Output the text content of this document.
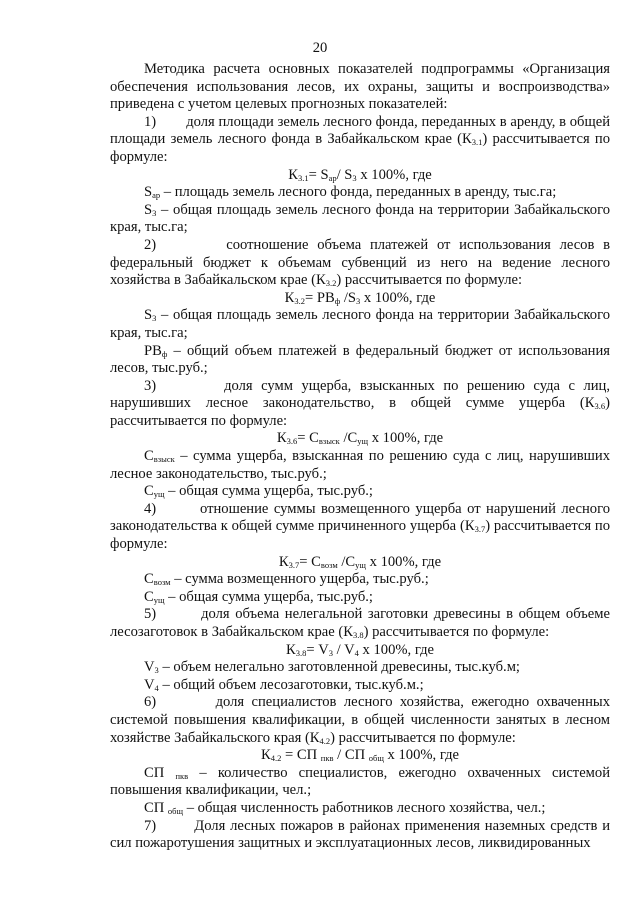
20

Методика расчета основных показателей подпрограммы «Организация обеспечения использования лесов, их охраны, защиты и воспроизводства» приведена с учетом целевых прогнозных показателей:

1) доля площади земель лесного фонда, переданных в аренду, в общей площади земель лесного фонда в Забайкальском крае $(К_{3.1})$ рассчитывается по формуле:

$К_{3.1}= S_{ар}/$ $S_3$ x 100%, где

$S_{ар}$ – площадь земель лесного фонда, переданных в аренду, тыс.га;

$S_3$ – общая площадь земель лесного фонда на территории Забайкальского края, тыс.га;

2)	соотношение объема платежей от использования лесов в федеральный бюджет к объемам субвенций из него на ведение лесного хозяйства в Забайкальском крае $(К_{3.2})$ рассчитывается по формуле:

$К_{3.2}= PB_ф$ $/S_3$ x 100%, где

$S_3$ – общая площадь земель лесного фонда на территории Забайкальского края, тыс.га;

$PB_ф$ – общий объем платежей в федеральный бюджет от использования лесов, тыс.руб.;

3)	доля сумм ущерба, взысканных по решению суда с лиц, нарушивших лесное законодательство, в общей сумме ущерба $(К_{3.6})$ рассчитывается по формуле:

$К_{3.6}= С_{взыск}$ $/С_{ущ}$ x 100%, где

$С_{взыск}$ – сумма ущерба, взысканная по решению суда с лиц, нарушивших лесное законодательство, тыс.руб.;

$С_{ущ}$ – общая сумма ущерба, тыс.руб.;

4)	отношение суммы возмещенного ущерба от нарушений лесного законодательства к общей сумме причиненного ущерба $(К_{3.7})$ рассчитывается по формуле:

$К_{3.7}= С_{возм}$ $/С_{ущ}$ x 100%, где

$С_{возм}$ – сумма возмещенного ущерба, тыс.руб.;

$С_{ущ}$ – общая сумма ущерба, тыс.руб.;

5)	доля объема нелегальной заготовки древесины в общем объеме лесозаготовок в Забайкальском крае $(К_{3.8})$ рассчитывается по формуле:

$К_{3.8}= V_3 / V_4$ x 100%, где

$V_3$ – объем нелегально заготовленной древесины, тыс.куб.м;

$V_4$ – общий объем лесозаготовки, тыс.куб.м.;

6)	доля специалистов лесного хозяйства, ежегодно охваченных системой повышения квалификации, в общей численности занятых в лесном хозяйстве Забайкальского края $(К_{4.2})$ рассчитывается по формуле:

$К_{4.2}$ = СП $_{пкв}$ / СП $_{общ}$ x 100%, где

СП $_{пкв}$ – количество специалистов, ежегодно охваченных системой повышения квалификации, чел.;

СП $_{общ}$ – общая численность работников лесного хозяйства, чел.;

7)	Доля лесных пожаров в районах применения наземных средств и сил пожаротушения защитных и эксплуатационных лесов, ликвидированных
